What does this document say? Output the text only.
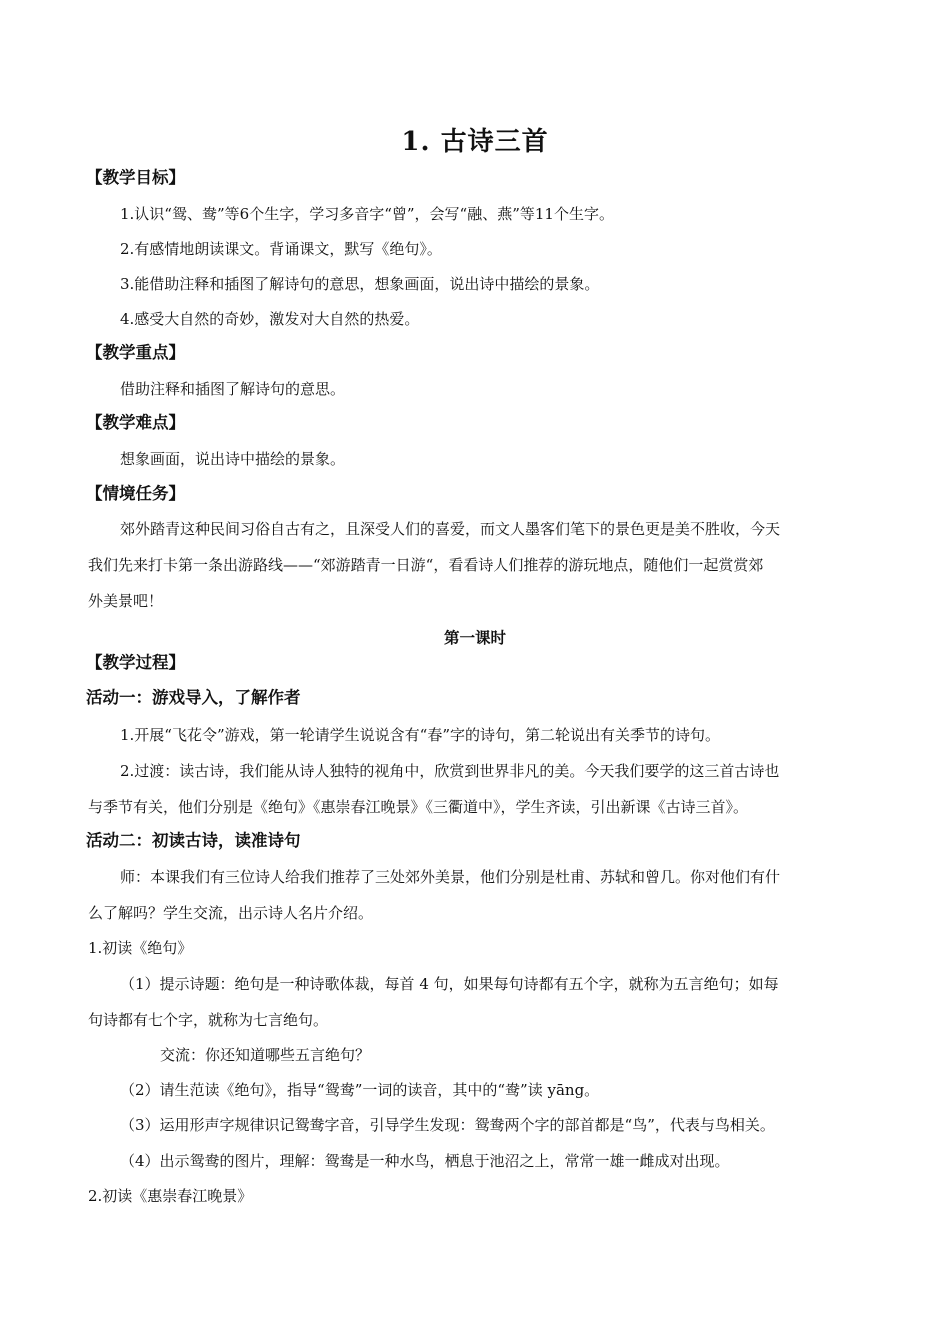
1. 古诗三首
【教学目标】
1.认识“鸳、鸯”等6个生字，学习多音字“曾”，会写“融、燕”等11个生字。
2.有感情地朗读课文。背诵课文，默写《绝句》。
3.能借助注释和插图了解诗句的意思，想象画面，说出诗中描绘的景象。
4.感受大自然的奇妙，激发对大自然的热爱。
【教学重点】
借助注释和插图了解诗句的意思。
【教学难点】
想象画面，说出诗中描绘的景象。
【情境任务】
郊外踏青这种民间习俗自古有之，且深受人们的喜爱，而文人墨客们笔下的景色更是美不胜收，今天
我们先来打卡第一条出游路线——“郊游踏青一日游“，看看诗人们推荐的游玩地点，随他们一起赏赏郊
外美景吧！
第一课时
【教学过程】
活动一：游戏导入，了解作者
1.开展“飞花令”游戏，第一轮请学生说说含有“春”字的诗句，第二轮说出有关季节的诗句。
2.过渡：读古诗，我们能从诗人独特的视角中，欣赏到世界非凡的美。今天我们要学的这三首古诗也
与季节有关，他们分别是《绝句》《惠崇春江晚景》《三衢道中》，学生齐读，引出新课《古诗三首》。
活动二：初读古诗，读准诗句
师：本课我们有三位诗人给我们推荐了三处郊外美景，他们分别是杜甫、苏轼和曾几。你对他们有什
么了解吗？学生交流，出示诗人名片介绍。
1.初读《绝句》
（1）提示诗题：绝句是一种诗歌体裁，每首 4 句，如果每句诗都有五个字，就称为五言绝句；如每
句诗都有七个字，就称为七言绝句。
交流：你还知道哪些五言绝句？
（2）请生范读《绝句》，指导“鸳鸯”一词的读音，其中的“鸯”读 yāng。
（3）运用形声字规律识记鸳鸯字音，引导学生发现：鸳鸯两个字的部首都是“鸟”，代表与鸟相关。
（4）出示鸳鸯的图片，理解：鸳鸯是一种水鸟，栖息于池沼之上，常常一雄一雌成对出现。
2.初读《惠崇春江晚景》
